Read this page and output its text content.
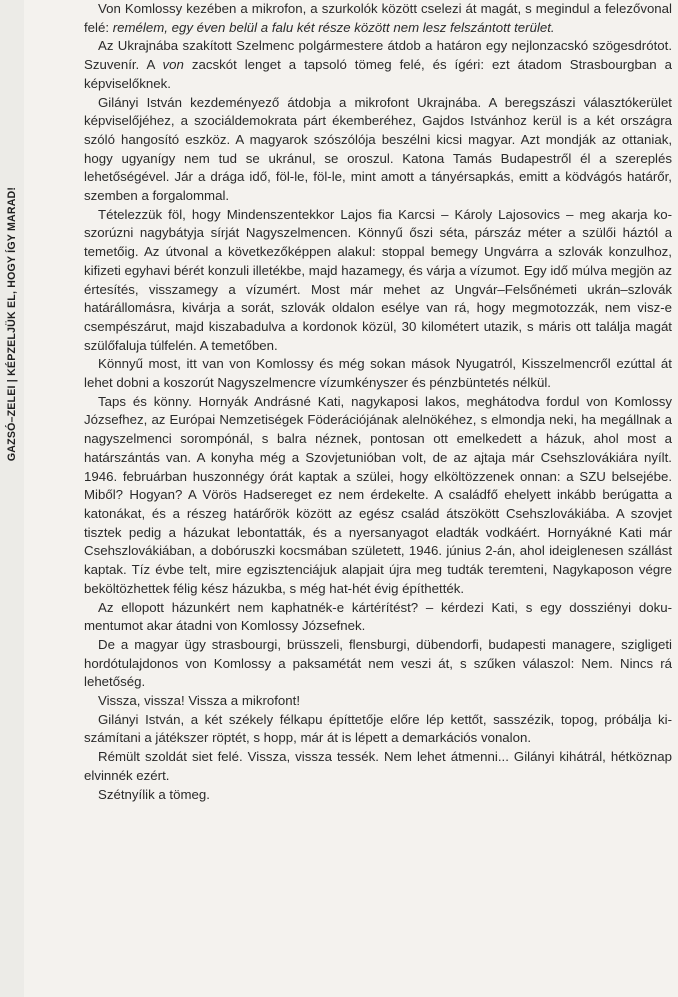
GAZSÓ–ZELEI | KÉPZELJÜK EL, HOGY ÍGY MARAD!

Von Komlossy kezében a mikrofon, a szurkolók között cselezi át magát, s megindul a felezővonal felé: remélem, egy éven belül a falu két része között nem lesz felszántott terület.

Az Ukrajnába szakított Szelmenc polgármestere átdob a határon egy nejlonzacskó szögesdrótot. Szuvenír. A von zacskót lenget a tapsoló tömeg felé, és ígéri: ezt átadom Strasbourgban a képviselőknek.

Gilányi István kezdeményező átdobja a mikrofont Ukrajnába. A beregszászi választókerület képviselőjéhez, a szociáldemokrata párt ékemberéhez, Gajdos Istvánhoz kerül is a két országra szóló hangosító eszköz. A magyarok szószólója beszélni kicsi magyar. Azt mondják az ottaniak, hogy ugyanígy nem tud se ukránul, se oroszul. Katona Tamás Budapestről él a szereplés lehetőségével. Jár a drága idő, föl-le, föl-le, mint amott a tányérsapkás, emitt a ködvágós határőr, szemben a forgalommal.

Tételezzük föl, hogy Mindenszentekkor Lajos fia Karcsi – Károly Lajosovics – meg akarja koszorúzni nagybátyja sírját Nagyszelmencen. Könnyű őszi séta, párszáz méter a szülői háztól a temetőig. Az útvonal a következőképpen alakul: stoppal bemegy Ungvárra a szlovák konzulhoz, kifizeti egyhavi bérét konzuli illetékbe, majd hazamegy, és várja a vízumot. Egy idő múlva megjön az értesítés, visszamegy a vízumért. Most már mehet az Ungvár–Felsőnémeti ukrán–szlovák határállomásra, kivárja a sorát, szlovák oldalon esélye van rá, hogy megmotozzák, nem visz-e csempészárut, majd kiszabadulva a kordonok közül, 30 kilométert utazik, s máris ott találja magát szülőfaluja túlfelén. A temetőben.

Könnyű most, itt van von Komlossy és még sokan mások Nyugatról, Kisszelmencről ezúttal át lehet dobni a koszorút Nagyszelmencre vízumkényszer és pénzbüntetés nélkül.

Taps és könny. Hornyák Andrásné Kati, nagykaposi lakos, meghátodva fordul von Komlossy Józsefhez, az Európai Nemzetiségek Föderációjának alelnökéhez, s elmondja neki, ha megállnak a nagyszelmenci sorompónál, s balra néznek, pontosan ott emelkedett a házuk, ahol most a határszántás van. A konyha még a Szovjetunióban volt, de az ajtaja már Csehszlovákiára nyílt. 1946. februárban huszonnégy órát kaptak a szülei, hogy elköltözzenek onnan: a SZU belsejébe. Miből? Hogyan? A Vörös Hadsereget ez nem érdekelte. A családfő ehelyett inkább berúgatta a katonákat, és a részeg határőrök között az egész család átszökött Csehszlovákiába. A szovjet tisztek pedig a házukat lebontatták, és a nyersanyagot eladták vodkáért. Hornyákné Kati már Csehszlovákiában, a dobóruszki kocsmában született, 1946. június 2-án, ahol ideiglenesen szállást kaptak. Tíz évbe telt, mire egzisztenciájuk alapjait újra meg tudták teremteni, Nagykaposon végre beköltözhettek félig kész házukba, s még hat-hét évig építhették.

Az ellopott házunkért nem kaphatnék-e kártérítést? – kérdezi Kati, s egy dossziényi dokumentumot akar átadni von Komlossy Józsefnek.

De a magyar ügy strasbourgi, brüsszeli, flensburgi, dübendorfi, budapesti managere, szigligeti hordótulajdonos von Komlossy a paksamétát nem veszi át, s szűken válaszol: Nem. Nincs rá lehetőség.

Vissza, vissza! Vissza a mikrofont!

Gilányi István, a két székely félkapu építtetője előre lép kettőt, sasszézik, topog, próbálja kiszámítani a játékszer röptét, s hopp, már át is lépett a demarkációs vonalon.

Rémült szoldát siet felé. Vissza, vissza tessék. Nem lehet átmenni... Gilányi kihátrál, hétköznap elvinnék ezért.

Szétnyílik a tömeg.
